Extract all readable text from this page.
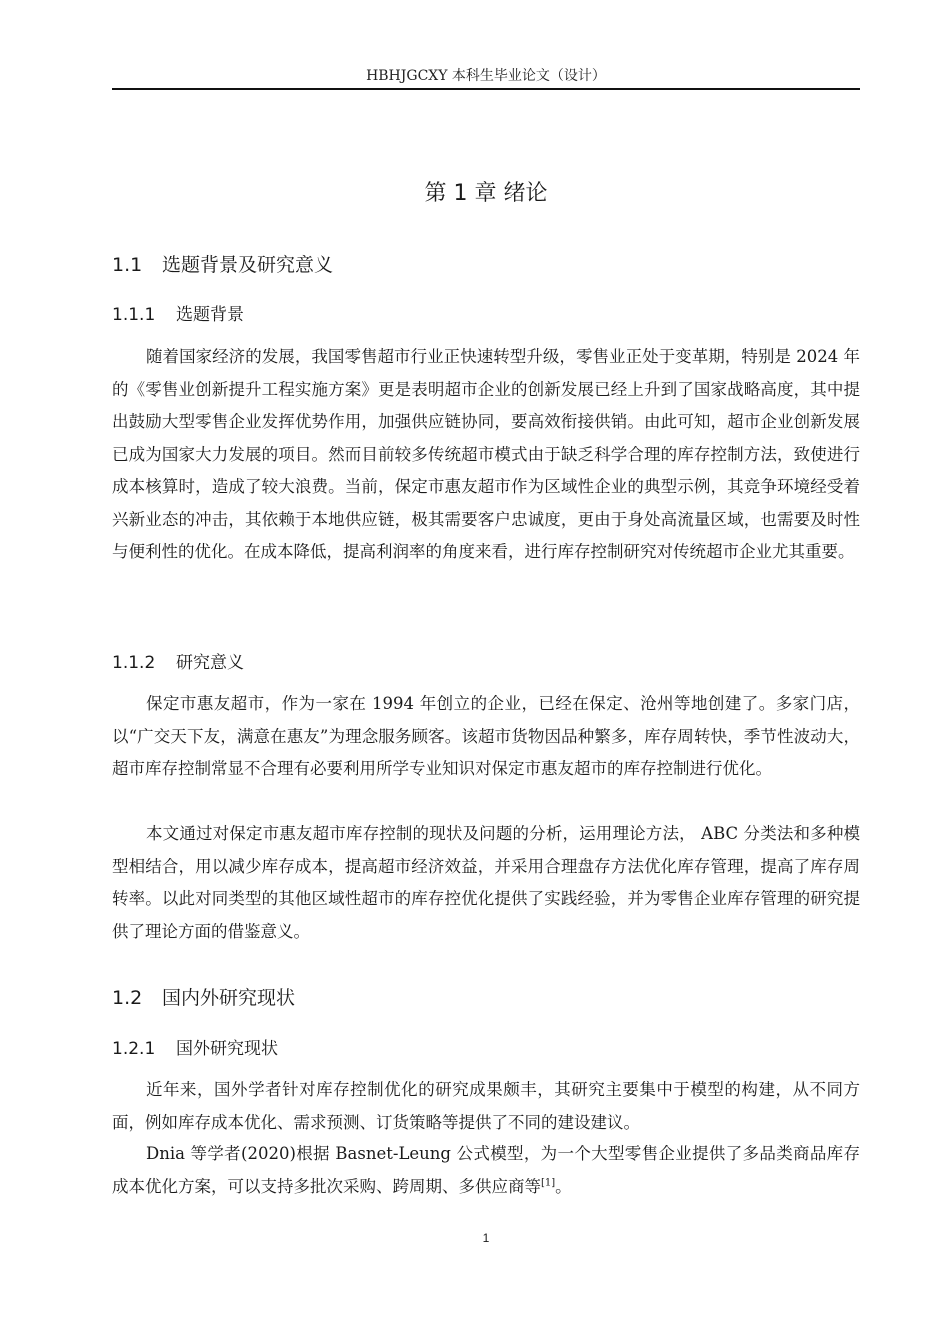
HBHJGCXY 本科生毕业论文（设计）
第 1 章 绪论
1.1 选题背景及研究意义
1.1.1 选题背景

随着国家经济的发展，我国零售超市行业正快速转型升级，零售业正处于变革期，特别是 2024 年的《零售业创新提升工程实施方案》更是表明超市企业的创新发展已经上升到了国家战略高度，其中提出鼓励大型零售企业发挥优势作用，加强供应链协同，要高效衔接供销。由此可知，超市企业创新发展已成为国家大力发展的项目。然而目前较多传统超市模式由于缺乏科学合理的库存控制方法，致使进行成本核算时，造成了较大浪费。当前，保定市惠友超市作为区域性企业的典型示例，其竞争环境经受着兴新业态的冲击，其依赖于本地供应链，极其需要客户忠诚度，更由于身处高流量区域，也需要及时性与便利性的优化。在成本降低，提高利润率的角度来看，进行库存控制研究对传统超市企业尤其重要。

1.1.2 研究意义

保定市惠友超市，作为一家在 1994 年创立的企业，已经在保定、沧州等地创建了。多家门店，以“广交天下友，满意在惠友”为理念服务顾客。该超市货物因品种繁多，库存周转快，季节性波动大，超市库存控制常显不合理有必要利用所学专业知识对保定市惠友超市的库存控制进行优化。

本文通过对保定市惠友超市库存控制的现状及问题的分析，运用理论方法， ABC 分类法和多种模型相结合，用以减少库存成本，提高超市经济效益，并采用合理盘存方法优化库存管理，提高了库存周转率。以此对同类型的其他区域性超市的库存控优化提供了实践经验，并为零售企业库存管理的研究提供了理论方面的借鉴意义。

1.2 国内外研究现状
1.2.1 国外研究现状

近年来，国外学者针对库存控制优化的研究成果颇丰，其研究主要集中于模型的构建，从不同方面，例如库存成本优化、需求预测、订货策略等提供了不同的建设建议。

Dnia 等学者(2020)根据 Basnet-Leung 公式模型，为一个大型零售企业提供了多品类商品库存成本优化方案，可以支持多批次采购、跨周期、多供应商等[1]。

1
